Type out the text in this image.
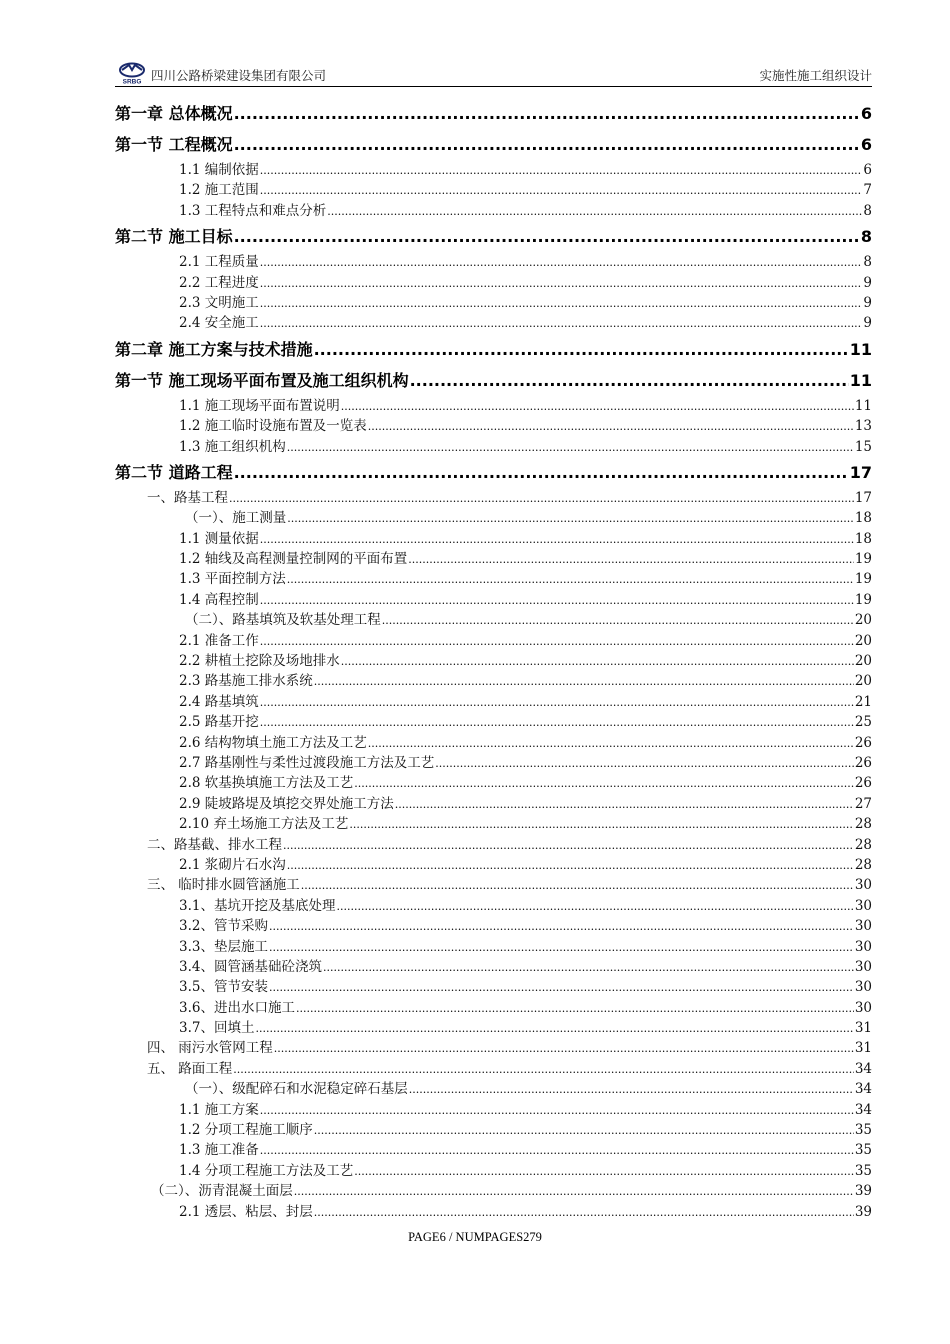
SRBG 四川公路桥梁建设集团有限公司	实施性施工组织设计
第一章 总体概况 .....	6
第一节 工程概况 .....	6
1.1 编制依据 .....	6
1.2 施工范围 .....	7
1.3 工程特点和难点分析 .....	8
第二节 施工目标 .....	8
2.1 工程质量 .....	8
2.2 工程进度 .....	9
2.3 文明施工 .....	9
2.4 安全施工 .....	9
第二章 施工方案与技术措施 .....	11
第一节 施工现场平面布置及施工组织机构 .....	11
1.1 施工现场平面布置说明 .....	11
1.2 施工临时设施布置及一览表 .....	13
1.3 施工组织机构 .....	15
第二节 道路工程 .....	17
一、路基工程 .....	17
（一）、施工测量 .....	18
1.1 测量依据 .....	18
1.2 轴线及高程测量控制网的平面布置 .....	19
1.3 平面控制方法 .....	19
1.4 高程控制 .....	19
（二）、路基填筑及软基处理工程 .....	20
2.1 准备工作 .....	20
2.2 耕植土挖除及场地排水 .....	20
2.3 路基施工排水系统 .....	20
2.4 路基填筑 .....	21
2.5 路基开挖 .....	25
2.6 结构物填土施工方法及工艺 .....	26
2.7 路基刚性与柔性过渡段施工方法及工艺 .....	26
2.8 软基换填施工方法及工艺 .....	26
2.9 陡坡路堤及填挖交界处施工方法 .....	27
2.10 弃土场施工方法及工艺 .....	28
二、路基截、排水工程 .....	28
2.1 浆砌片石水沟 .....	28
三、 临时排水圆管涵施工 .....	30
3.1、基坑开挖及基底处理 .....	30
3.2、管节采购 .....	30
3.3、垫层施工 .....	30
3.4、圆管涵基础砼浇筑 .....	30
3.5、管节安装 .....	30
3.6、进出水口施工 .....	30
3.7、回填土 .....	31
四、 雨污水管网工程 .....	31
五、 路面工程 .....	34
（一）、级配碎石和水泥稳定碎石基层 .....	34
1.1 施工方案 .....	34
1.2 分项工程施工顺序 .....	35
1.3 施工准备 .....	35
1.4 分项工程施工方法及工艺 .....	35
（二）、沥青混凝土面层 .....	39
2.1 透层、粘层、封层 .....	39
PAGE6 / NUMPAGES279
